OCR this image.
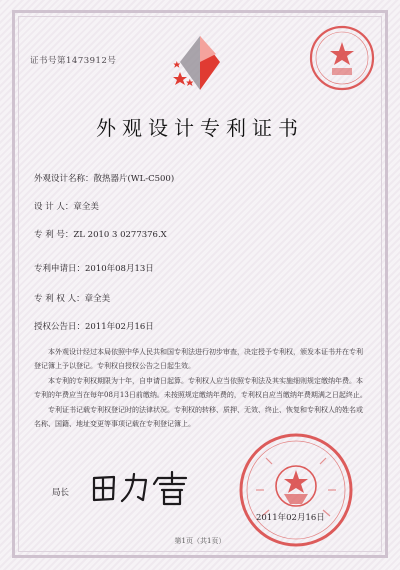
证书号第1473912号
外观设计专利证书
外观设计名称：散热器片(WL-C500)
设 计 人：章全美
专 利 号：ZL 2010 3 0277376.X
专利申请日：2010年08月13日
专 利 权 人：章全美
授权公告日：2011年02月16日

本外观设计经过本局依照中华人民共和国专利法进行初步审查，决定授予专利权，颁发本证书并在专利登记簿上予以登记。专利权自授权公告之日起生效。

本专利的专利权期限为十年，自申请日起算。专利权人应当依照专利法及其实施细则规定缴纳年费。本专利的年费应当在每年08月13日前缴纳。未按照规定缴纳年费的，专利权自应当缴纳年费期满之日起终止。

专利证书记载专利权登记时的法律状况。专利权的转移、质押、无效、终止、恢复和专利权人的姓名或名称、国籍、地址变更等事项记载在专利登记簿上。

局长
2011年02月16日
第1页（共1页）
